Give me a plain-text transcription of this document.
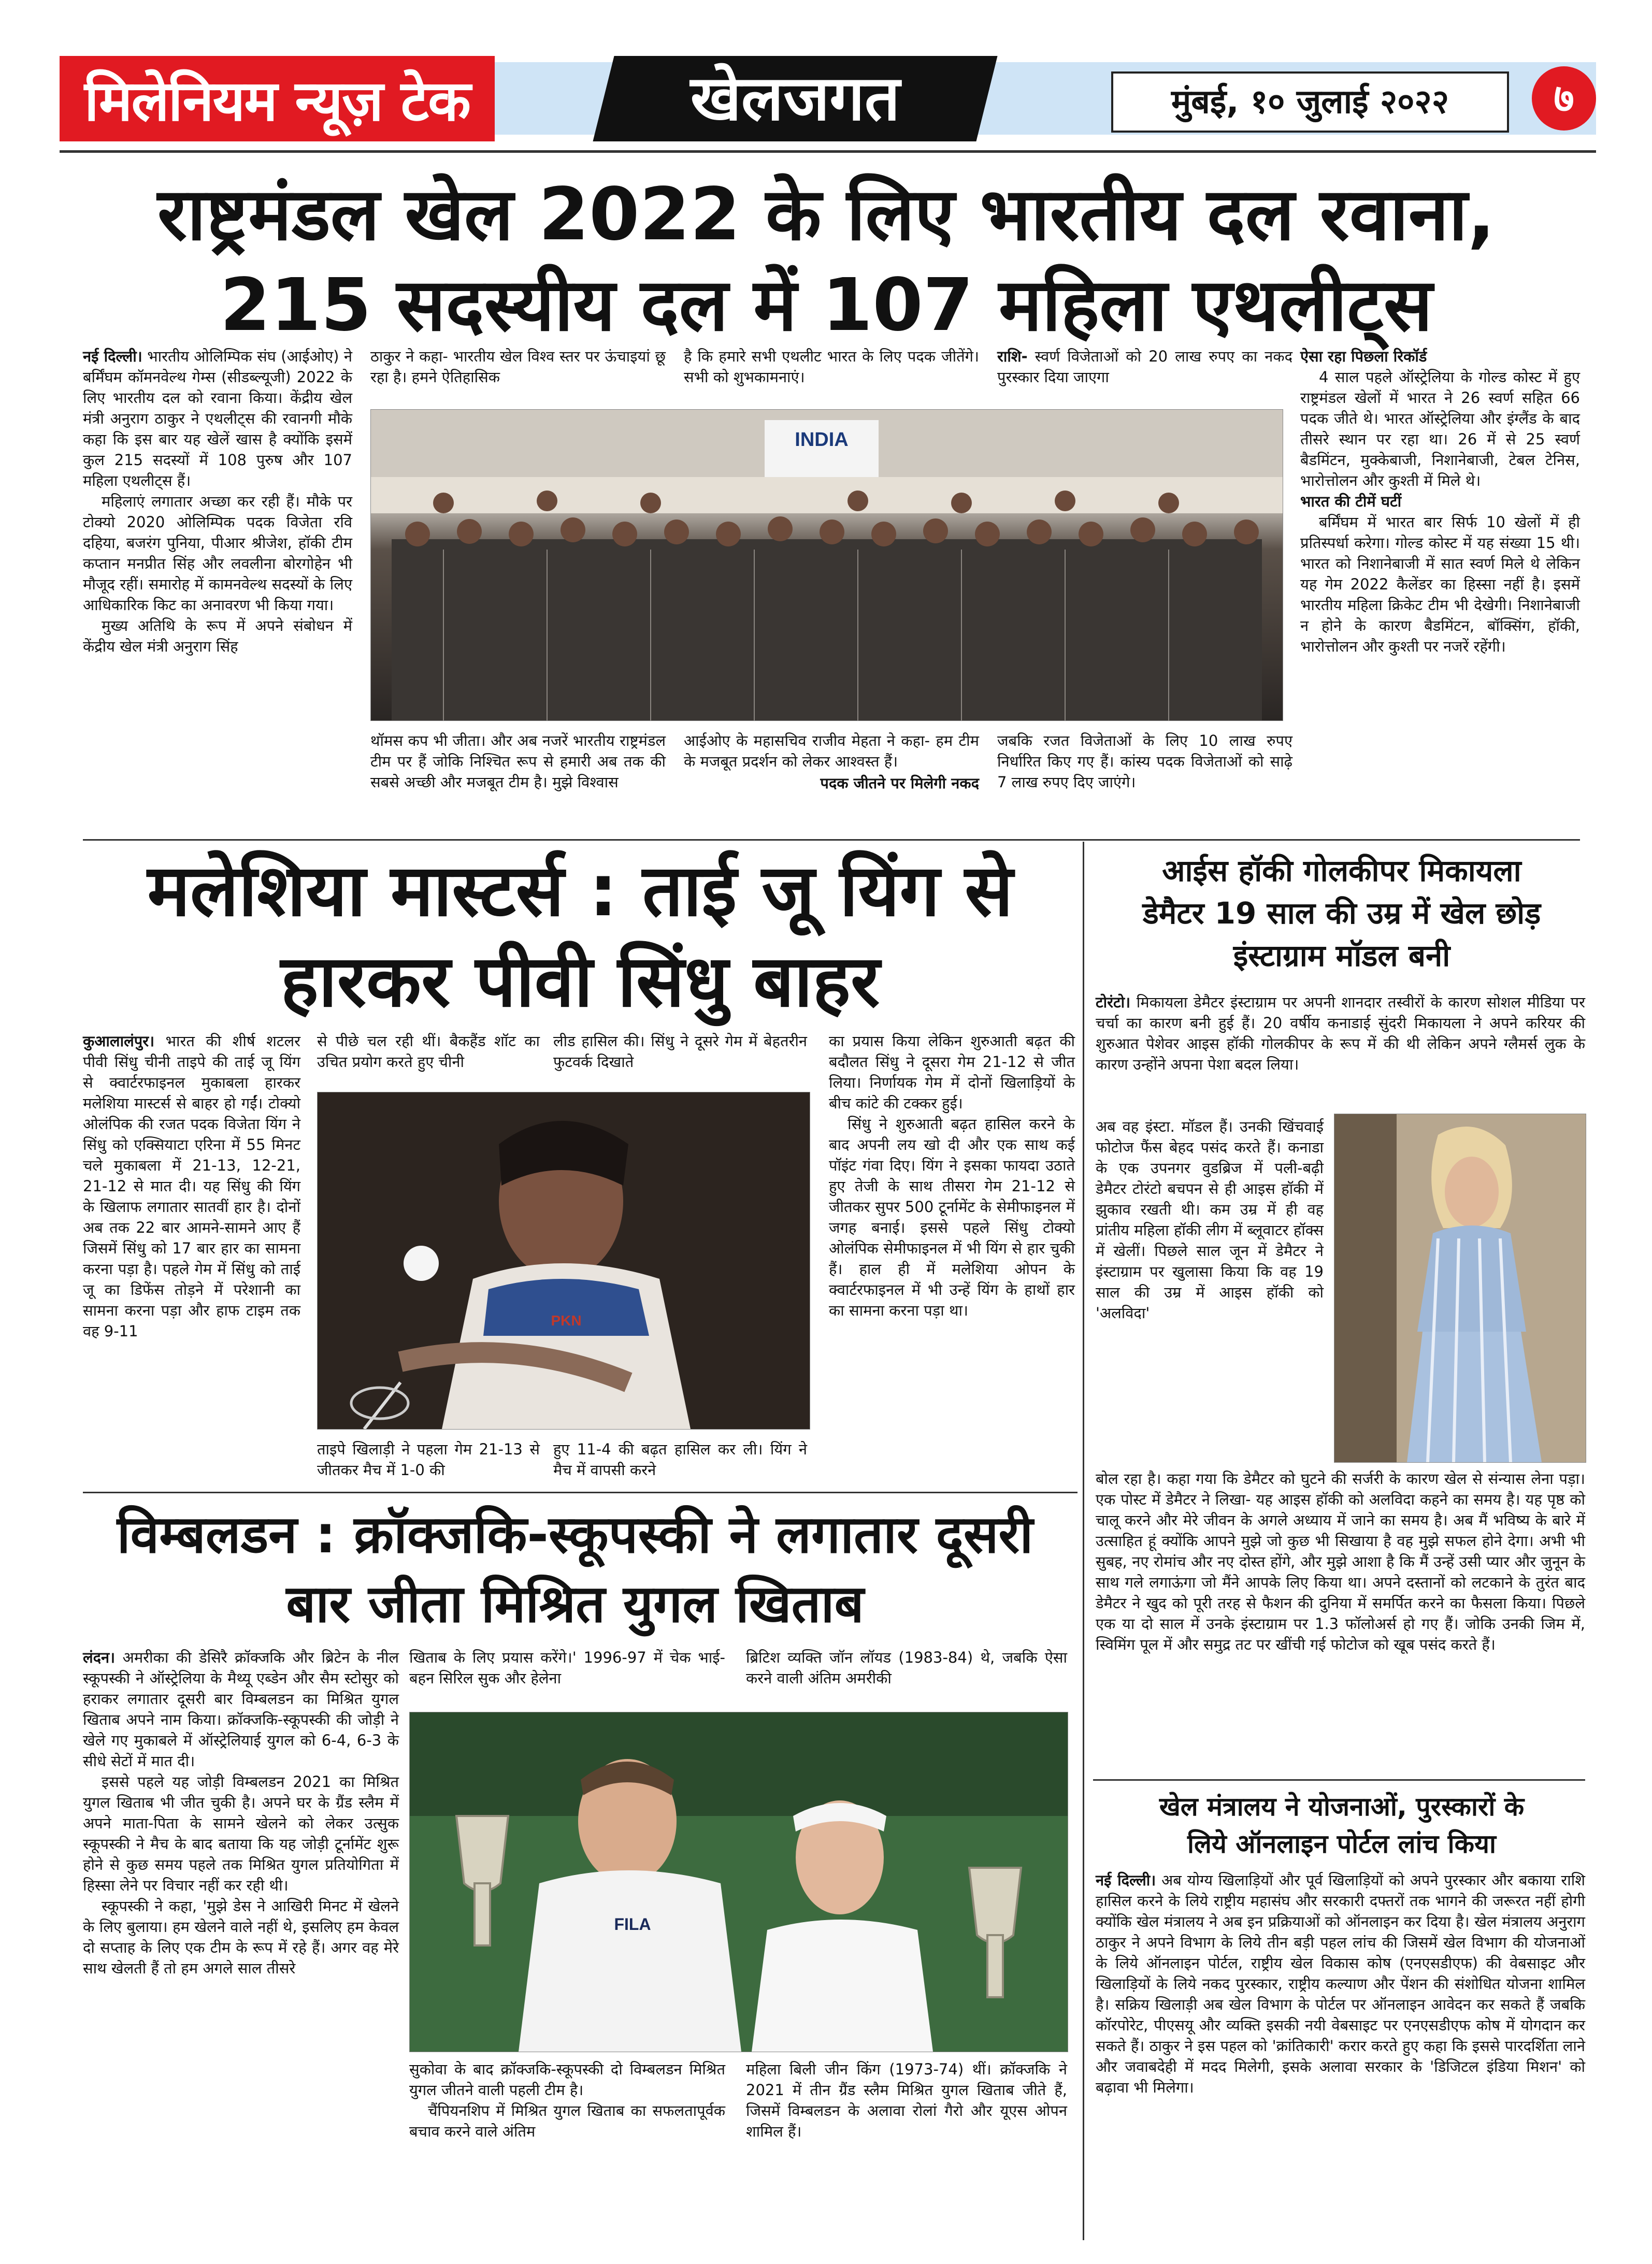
मिलेनियम न्यूज़ टेक	खेलजगत	मुंबई, १० जुलाई २०२२	७
राष्ट्रमंडल खेल 2022 के लिए भारतीय दल रवाना,
215 सदस्यीय दल में 107 महिला एथलीट्स

नई दिल्ली। भारतीय ओलिम्पिक संघ (आईओए) ने बर्मिंघम कॉमनवेल्थ गेम्स (सीडब्ल्यूजी) 2022 के लिए भारतीय दल को रवाना किया। केंद्रीय खेल मंत्री अनुराग ठाकुर ने एथलीट्स की रवानगी मौके कहा कि इस बार यह खेलें खास है क्योंकि इसमें कुल 215 सदस्यों में 108 पुरुष और 107 महिला एथलीट्स हैं।

महिलाएं लगातार अच्छा कर रही हैं। मौके पर टोक्यो 2020 ओलिम्पिक पदक विजेता रवि दहिया, बजरंग पुनिया, पीआर श्रीजेश, हॉकी टीम कप्तान मनप्रीत सिंह और लवलीना बोरगोहेन भी मौजूद रहीं। समारोह में कामनवेल्थ सदस्यों के लिए आधिकारिक किट का अनावरण भी किया गया।

मुख्य अतिथि के रूप में अपने संबोधन में केंद्रीय खेल मंत्री अनुराग सिंह

ठाकुर ने कहा- भारतीय खेल विश्व स्तर पर ऊंचाइयां छू रहा है। हमने ऐतिहासिक
है कि हमारे सभी एथलीट भारत के लिए पदक जीतेंगे। सभी को शुभकामनाएं।
राशि- स्वर्ण विजेताओं को 20 लाख रुपए का नकद पुरस्कार दिया जाएगा
INDIA
थॉमस कप भी जीता। और अब नजरें भारतीय राष्ट्रमंडल टीम पर हैं जोकि निश्चित रूप से हमारी अब तक की सबसे अच्छी और मजबूत टीम है। मुझे विश्वास
आईओए के महासचिव राजीव मेहता ने कहा- हम टीम के मजबूत प्रदर्शन को लेकर आश्वस्त हैं।
पदक जीतने पर मिलेगी नकद
जबकि रजत विजेताओं के लिए 10 लाख रुपए निर्धारित किए गए हैं। कांस्य पदक विजेताओं को साढ़े 7 लाख रुपए दिए जाएंगे।
ऐसा रहा पिछला रिकॉर्ड

4 साल पहले ऑस्ट्रेलिया के गोल्ड कोस्ट में हुए राष्ट्रमंडल खेलों में भारत ने 26 स्वर्ण सहित 66 पदक जीते थे। भारत ऑस्ट्रेलिया और इंग्लैंड के बाद तीसरे स्थान पर रहा था। 26 में से 25 स्वर्ण बैडमिंटन, मुक्केबाजी, निशानेबाजी, टेबल टेनिस, भारोत्तोलन और कुश्ती में मिले थे।

भारत की टीमें घटीं

बर्मिंघम में भारत बार सिर्फ 10 खेलों में ही प्रतिस्पर्धा करेगा। गोल्ड कोस्ट में यह संख्या 15 थी। भारत को निशानेबाजी में सात स्वर्ण मिले थे लेकिन यह गेम 2022 कैलेंडर का हिस्सा नहीं है। इसमें भारतीय महिला क्रिकेट टीम भी देखेगी। निशानेबाजी न होने के कारण बैडमिंटन, बॉक्सिंग, हॉकी, भारोत्तोलन और कुश्ती पर नजरें रहेंगी।

मलेशिया मास्टर्स : ताई जू यिंग से
हारकर पीवी सिंधु बाहर
कुआलालंपुर। भारत की शीर्ष शटलर पीवी सिंधु चीनी ताइपे की ताई जू यिंग से क्वार्टरफाइनल मुकाबला हारकर मलेशिया मास्टर्स से बाहर हो गईं। टोक्यो ओलंपिक की रजत पदक विजेता यिंग ने सिंधु को एक्सियाटा एरिना में 55 मिनट चले मुकाबला में 21-13, 12-21, 21-12 से मात दी। यह सिंधु की यिंग के खिलाफ लगातार सातवीं हार है। दोनों अब तक 22 बार आमने-सामने आए हैं जिसमें सिंधु को 17 बार हार का सामना करना पड़ा है। पहले गेम में सिंधु को ताई जू का डिफेंस तोड़ने में परेशानी का सामना करना पड़ा और हाफ टाइम तक वह 9-11
से पीछे चल रही थीं। बैकहैंड शॉट का उचित प्रयोग करते हुए चीनी
लीड हासिल की। सिंधु ने दूसरे गेम में बेहतरीन फुटवर्क दिखाते
PKN
ताइपे खिलाड़ी ने पहला गेम 21-13 से जीतकर मैच में 1-0 की
हुए 11-4 की बढ़त हासिल कर ली। यिंग ने मैच में वापसी करने

का प्रयास किया लेकिन शुरुआती बढ़त की बदौलत सिंधु ने दूसरा गेम 21-12 से जीत लिया। निर्णायक गेम में दोनों खिलाड़ियों के बीच कांटे की टक्कर हुई।

सिंधु ने शुरुआती बढ़त हासिल करने के बाद अपनी लय खो दी और एक साथ कई पॉइंट गंवा दिए। यिंग ने इसका फायदा उठाते हुए तेजी के साथ तीसरा गेम 21-12 से जीतकर सुपर 500 टूर्नामेंट के सेमीफाइनल में जगह बनाई। इससे पहले सिंधु टोक्यो ओलंपिक सेमीफाइनल में भी यिंग से हार चुकी हैं। हाल ही में मलेशिया ओपन के क्वार्टरफाइनल में भी उन्हें यिंग के हाथों हार का सामना करना पड़ा था।

आईस हॉकी गोलकीपर मिकायला
डेमैटर 19 साल की उम्र में खेल छोड़
इंस्टाग्राम मॉडल बनी
टोरंटो। मिकायला डेमैटर इंस्टाग्राम पर अपनी शानदार तस्वीरों के कारण सोशल मीडिया पर चर्चा का कारण बनी हुई हैं। 20 वर्षीय कनाडाई सुंदरी मिकायला ने अपने करियर की शुरुआत पेशेवर आइस हॉकी गोलकीपर के रूप में की थी लेकिन अपने ग्लैमर्स लुक के कारण उन्होंने अपना पेशा बदल लिया।
अब वह इंस्टा. मॉडल हैं। उनकी खिंचवाई फोटोज फैंस बेहद पसंद करते हैं। कनाडा के एक उपनगर वुडब्रिज में पली-बढ़ी डेमैटर टोरंटो बचपन से ही आइस हॉकी में झुकाव रखती थी। कम उम्र में ही वह प्रांतीय महिला हॉकी लीग में ब्लूवाटर हॉक्स में खेलीं। पिछले साल जून में डेमैटर ने इंस्टाग्राम पर खुलासा किया कि वह 19 साल की उम्र में आइस हॉकी को 'अलविदा'
बोल रहा है। कहा गया कि डेमैटर को घुटने की सर्जरी के कारण खेल से संन्यास लेना पड़ा। एक पोस्ट में डेमैटर ने लिखा- यह आइस हॉकी को अलविदा कहने का समय है। यह पृष्ठ को चालू करने और मेरे जीवन के अगले अध्याय में जाने का समय है। अब मैं भविष्य के बारे में उत्साहित हूं क्योंकि आपने मुझे जो कुछ भी सिखाया है वह मुझे सफल होने देगा। अभी भी सुबह, नए रोमांच और नए दोस्त होंगे, और मुझे आशा है कि मैं उन्हें उसी प्यार और जुनून के साथ गले लगाऊंगा जो मैंने आपके लिए किया था। अपने दस्तानों को लटकाने के तुरंत बाद डेमैटर ने खुद को पूरी तरह से फैशन की दुनिया में समर्पित करने का फैसला किया। पिछले एक या दो साल में उनके इंस्टाग्राम पर 1.3 फॉलोअर्स हो गए हैं। जोकि उनकी जिम में, स्विमिंग पूल में और समुद्र तट पर खींची गई फोटोज को खूब पसंद करते हैं।
खेल मंत्रालय ने योजनाओं, पुरस्कारों के
लिये ऑनलाइन पोर्टल लांच किया
नई दिल्ली। अब योग्य खिलाड़ियों और पूर्व खिलाड़ियों को अपने पुरस्कार और बकाया राशि हासिल करने के लिये राष्ट्रीय महासंघ और सरकारी दफ्तरों तक भागने की जरूरत नहीं होगी क्योंकि खेल मंत्रालय ने अब इन प्रक्रियाओं को ऑनलाइन कर दिया है। खेल मंत्रालय अनुराग ठाकुर ने अपने विभाग के लिये तीन बड़ी पहल लांच की जिसमें खेल विभाग की योजनाओं के लिये ऑनलाइन पोर्टल, राष्ट्रीय खेल विकास कोष (एनएसडीएफ) की वेबसाइट और खिलाड़ियों के लिये नकद पुरस्कार, राष्ट्रीय कल्याण और पेंशन की संशोधित योजना शामिल है। सक्रिय खिलाड़ी अब खेल विभाग के पोर्टल पर ऑनलाइन आवेदन कर सकते हैं जबकि कॉरपोरेट, पीएसयू और व्यक्ति इसकी नयी वेबसाइट पर एनएसडीएफ कोष में योगदान कर सकते हैं। ठाकुर ने इस पहल को 'क्रांतिकारी' करार करते हुए कहा कि इससे पारदर्शिता लाने और जवाबदेही में मदद मिलेगी, इसके अलावा सरकार के 'डिजिटल इंडिया मिशन' को बढ़ावा भी मिलेगा।
विम्बलडन : क्रॉक्जकि-स्कूपस्की ने लगातार दूसरी
बार जीता मिश्रित युगल खिताब

लंदन। अमरीका की डेसिरै क्रॉक्जकि और ब्रिटेन के नील स्कूपस्की ने ऑस्ट्रेलिया के मैथ्यू एब्डेन और सैम स्टोसुर को हराकर लगातार दूसरी बार विम्बलडन का मिश्रित युगल खिताब अपने नाम किया। क्रॉक्जकि-स्कूपस्की की जोड़ी ने खेले गए मुकाबले में ऑस्ट्रेलियाई युगल को 6-4, 6-3 के सीधे सेटों में मात दी।

इससे पहले यह जोड़ी विम्बलडन 2021 का मिश्रित युगल खिताब भी जीत चुकी है। अपने घर के ग्रैंड स्लैम में अपने माता-पिता के सामने खेलने को लेकर उत्सुक स्कूपस्की ने मैच के बाद बताया कि यह जोड़ी टूर्नामेंट शुरू होने से कुछ समय पहले तक मिश्रित युगल प्रतियोगिता में हिस्सा लेने पर विचार नहीं कर रही थी।

स्कूपस्की ने कहा, 'मुझे डेस ने आखिरी मिनट में खेलने के लिए बुलाया। हम खेलने वाले नहीं थे, इसलिए हम केवल दो सप्ताह के लिए एक टीम के रूप में रहे हैं। अगर वह मेरे साथ खेलती हैं तो हम अगले साल तीसरे

खिताब के लिए प्रयास करेंगे।' 1996-97 में चेक भाई-बहन सिरिल सुक और हेलेना
ब्रिटिश व्यक्ति जॉन लॉयड (1983-84) थे, जबकि ऐसा करने वाली अंतिम अमरीकी
FILA

सुकोवा के बाद क्रॉक्जकि-स्कूपस्की दो विम्बलडन मिश्रित युगल जीतने वाली पहली टीम है।

चैंपियनशिप में मिश्रित युगल खिताब का सफलतापूर्वक बचाव करने वाले अंतिम

महिला बिली जीन किंग (1973-74) थीं। क्रॉक्जकि ने 2021 में तीन ग्रैंड स्लैम मिश्रित युगल खिताब जीते हैं, जिसमें विम्बलडन के अलावा रोलां गैरो और यूएस ओपन शामिल हैं।
